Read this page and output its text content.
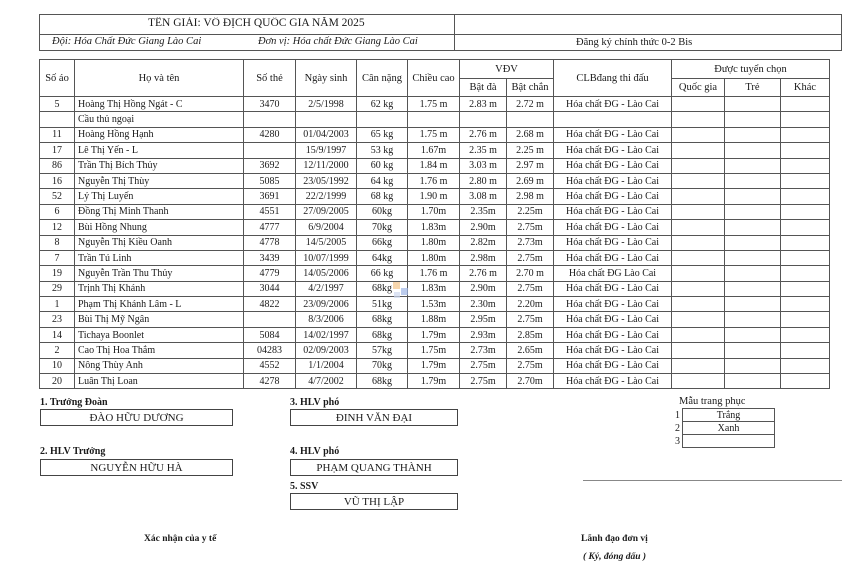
TÊN GIẢI: VÔ ĐỊCH QUỐC GIA NĂM 2025
Đội: Hóa Chất Đức Giang Lào Cai	Đơn vị: Hóa chất Đức Giang Lào Cai	Đăng ký chính thức 0-2 Bis
Số áo	Họ và tên	Số thẻ	Ngày sinh	Cân nặng	Chiều cao	VĐV		CLBđang thi đấu	Được tuyển chọn		
						Bật đà	Bật chắn		Quốc gia	Trẻ	Khác
5	Hoàng Thị Hồng Ngát - C	3470	2/5/1998	62 kg	1.75 m	2.83 m	2.72 m	Hóa chất ĐG - Lào Cai			
	Cầu thủ ngoại										
11	Hoàng Hồng Hạnh	4280	01/04/2003	65 kg	1.75 m	2.76 m	2.68 m	Hóa chất ĐG - Lào Cai			
17	Lê Thị Yến - L		15/9/1997	53 kg	1.67m	2.35 m	2.25 m	Hóa chất ĐG - Lào Cai			
86	Trần Thị Bích Thủy	3692	12/11/2000	60 kg	1.84 m	3.03 m	2.97 m	Hóa chất ĐG - Lào Cai			
16	Nguyễn Thị Thùy	5085	23/05/1992	64 kg	1.76 m	2.80 m	2.69 m	Hóa chất ĐG - Lào Cai			
52	Lý Thị Luyến	3691	22/2/1999	68 kg	1.90 m	3.08 m	2.98 m	Hóa chất ĐG - Lào Cai			
6	Đồng Thị Minh Thanh	4551	27/09/2005	60kg	1.70m	2.35m	2.25m	Hóa chất ĐG - Lào Cai			
12	Bùi Hồng Nhung	4777	6/9/2004	70kg	1.83m	2.90m	2.75m	Hóa chất ĐG - Lào Cai			
8	Nguyễn Thị Kiều Oanh	4778	14/5/2005	66kg	1.80m	2.82m	2.73m	Hóa chất ĐG - Lào Cai			
7	Trần Tú Linh	3439	10/07/1999	64kg	1.80m	2.98m	2.75m	Hóa chất ĐG - Lào Cai			
19	Nguyễn Trần Thu Thủy	4779	14/05/2006	66 kg	1.76 m	2.76 m	2.70 m	Hóa chất ĐG Lào Cai			
29	Trịnh Thị Khánh	3044	4/2/1997	68kg	1.83m	2.90m	2.75m	Hóa chất ĐG - Lào Cai			
1	Phạm Thị Khánh Lâm - L	4822	23/09/2006	51kg	1.53m	2.30m	2.20m	Hóa chất ĐG - Lào Cai			
23	Bùi Thị Mỹ Ngân		8/3/2006	68kg	1.88m	2.95m	2.75m	Hóa chất ĐG - Lào Cai			
14	Tichaya Boonlet	5084	14/02/1997	68kg	1.79m	2.93m	2.85m	Hóa chất ĐG - Lào Cai			
2	Cao Thị Hoa Thắm	04283	02/09/2003	57kg	1.75m	2.73m	2.65m	Hóa chất ĐG - Lào Cai			
10	Nông Thùy Anh	4552	1/1/2004	70kg	1.79m	2.75m	2.75m	Hóa chất ĐG - Lào Cai			
20	Luân Thị Loan	4278	4/7/2002	68kg	1.79m	2.75m	2.70m	Hóa chất ĐG - Lào Cai			
1. Trưởng Đoàn
ĐÀO HỮU DƯƠNG
2. HLV Trưởng
NGUYỄN HỮU HÀ
3. HLV phó
ĐINH VĂN ĐẠI
4. HLV phó
PHẠM QUANG THÀNH
5. SSV
VŨ THỊ LẬP
Mẫu trang phục
1	Trắng
2	Xanh
3	
Xác nhận của y tế	Lãnh đạo đơn vị
( Ký, đóng dấu )
